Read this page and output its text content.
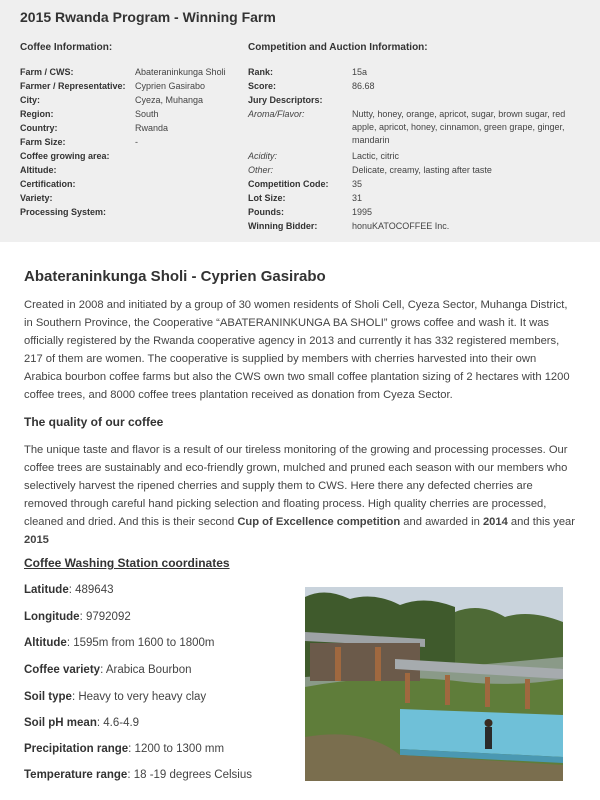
2015 Rwanda Program - Winning Farm
Coffee Information:
Farm / CWS:	Abateraninkunga Sholi
Farmer / Representative: Cyprien Gasirabo
City:	Cyeza, Muhanga
Region:	South
Country:	Rwanda
Farm Size:	-
Coffee growing area:
Altitude:
Certification:
Variety:
Processing System:
Competition and Auction Information:
Rank:	15a
Score:	86.68
Jury Descriptors:
Aroma/Flavor:	Nutty, honey, orange, apricot, sugar, brown sugar, red apple, apricot, honey, cinnamon, green grape, ginger, mandarin
Acidity:	Lactic, citric
Other:	Delicate, creamy, lasting after taste
Competition Code:	35
Lot Size:	31
Pounds:	1995
Winning Bidder:	honuKATOCOFFEE Inc.
Abateraninkunga Sholi - Cyprien Gasirabo

Created in 2008 and initiated by a group of 30 women residents of Sholi Cell, Cyeza Sector, Muhanga District, in Southern Province, the Cooperative “ABATERANINKUNGA BA SHOLI” grows coffee and wash it. It was officially registered by the Rwanda cooperative agency in 2013 and currently it has 332 registered members, 217 of them are women. The cooperative is supplied by members with cherries harvested into their own Arabica bourbon coffee farms but also the CWS own two small coffee plantation sizing of 2 hectares with 1200 coffee trees, and 8000 coffee trees plantation received as donation from Cyeza Sector.

The quality of our coffee

The unique taste and flavor is a result of our tireless monitoring of the growing and processing processes. Our coffee trees are sustainably and eco-friendly grown, mulched and pruned each season with our members who selectively harvest the ripened cherries and supply them to CWS. Here there any defected cherries are removed through careful hand picking selection and floating process. High quality cherries are processed, cleaned and dried. And this is their second Cup of Excellence competition and awarded in 2014 and this year 2015

Coffee Washing Station coordinates
Latitude: 489643
Longitude: 9792092
Altitude: 1595m from 1600 to 1800m
Coffee variety: Arabica Bourbon
Soil type: Heavy to very heavy clay
Soil pH mean: 4.6-4.9
Precipitation range: 1200 to 1300 mm
Temperature range: 18 -19 degrees Celsius
